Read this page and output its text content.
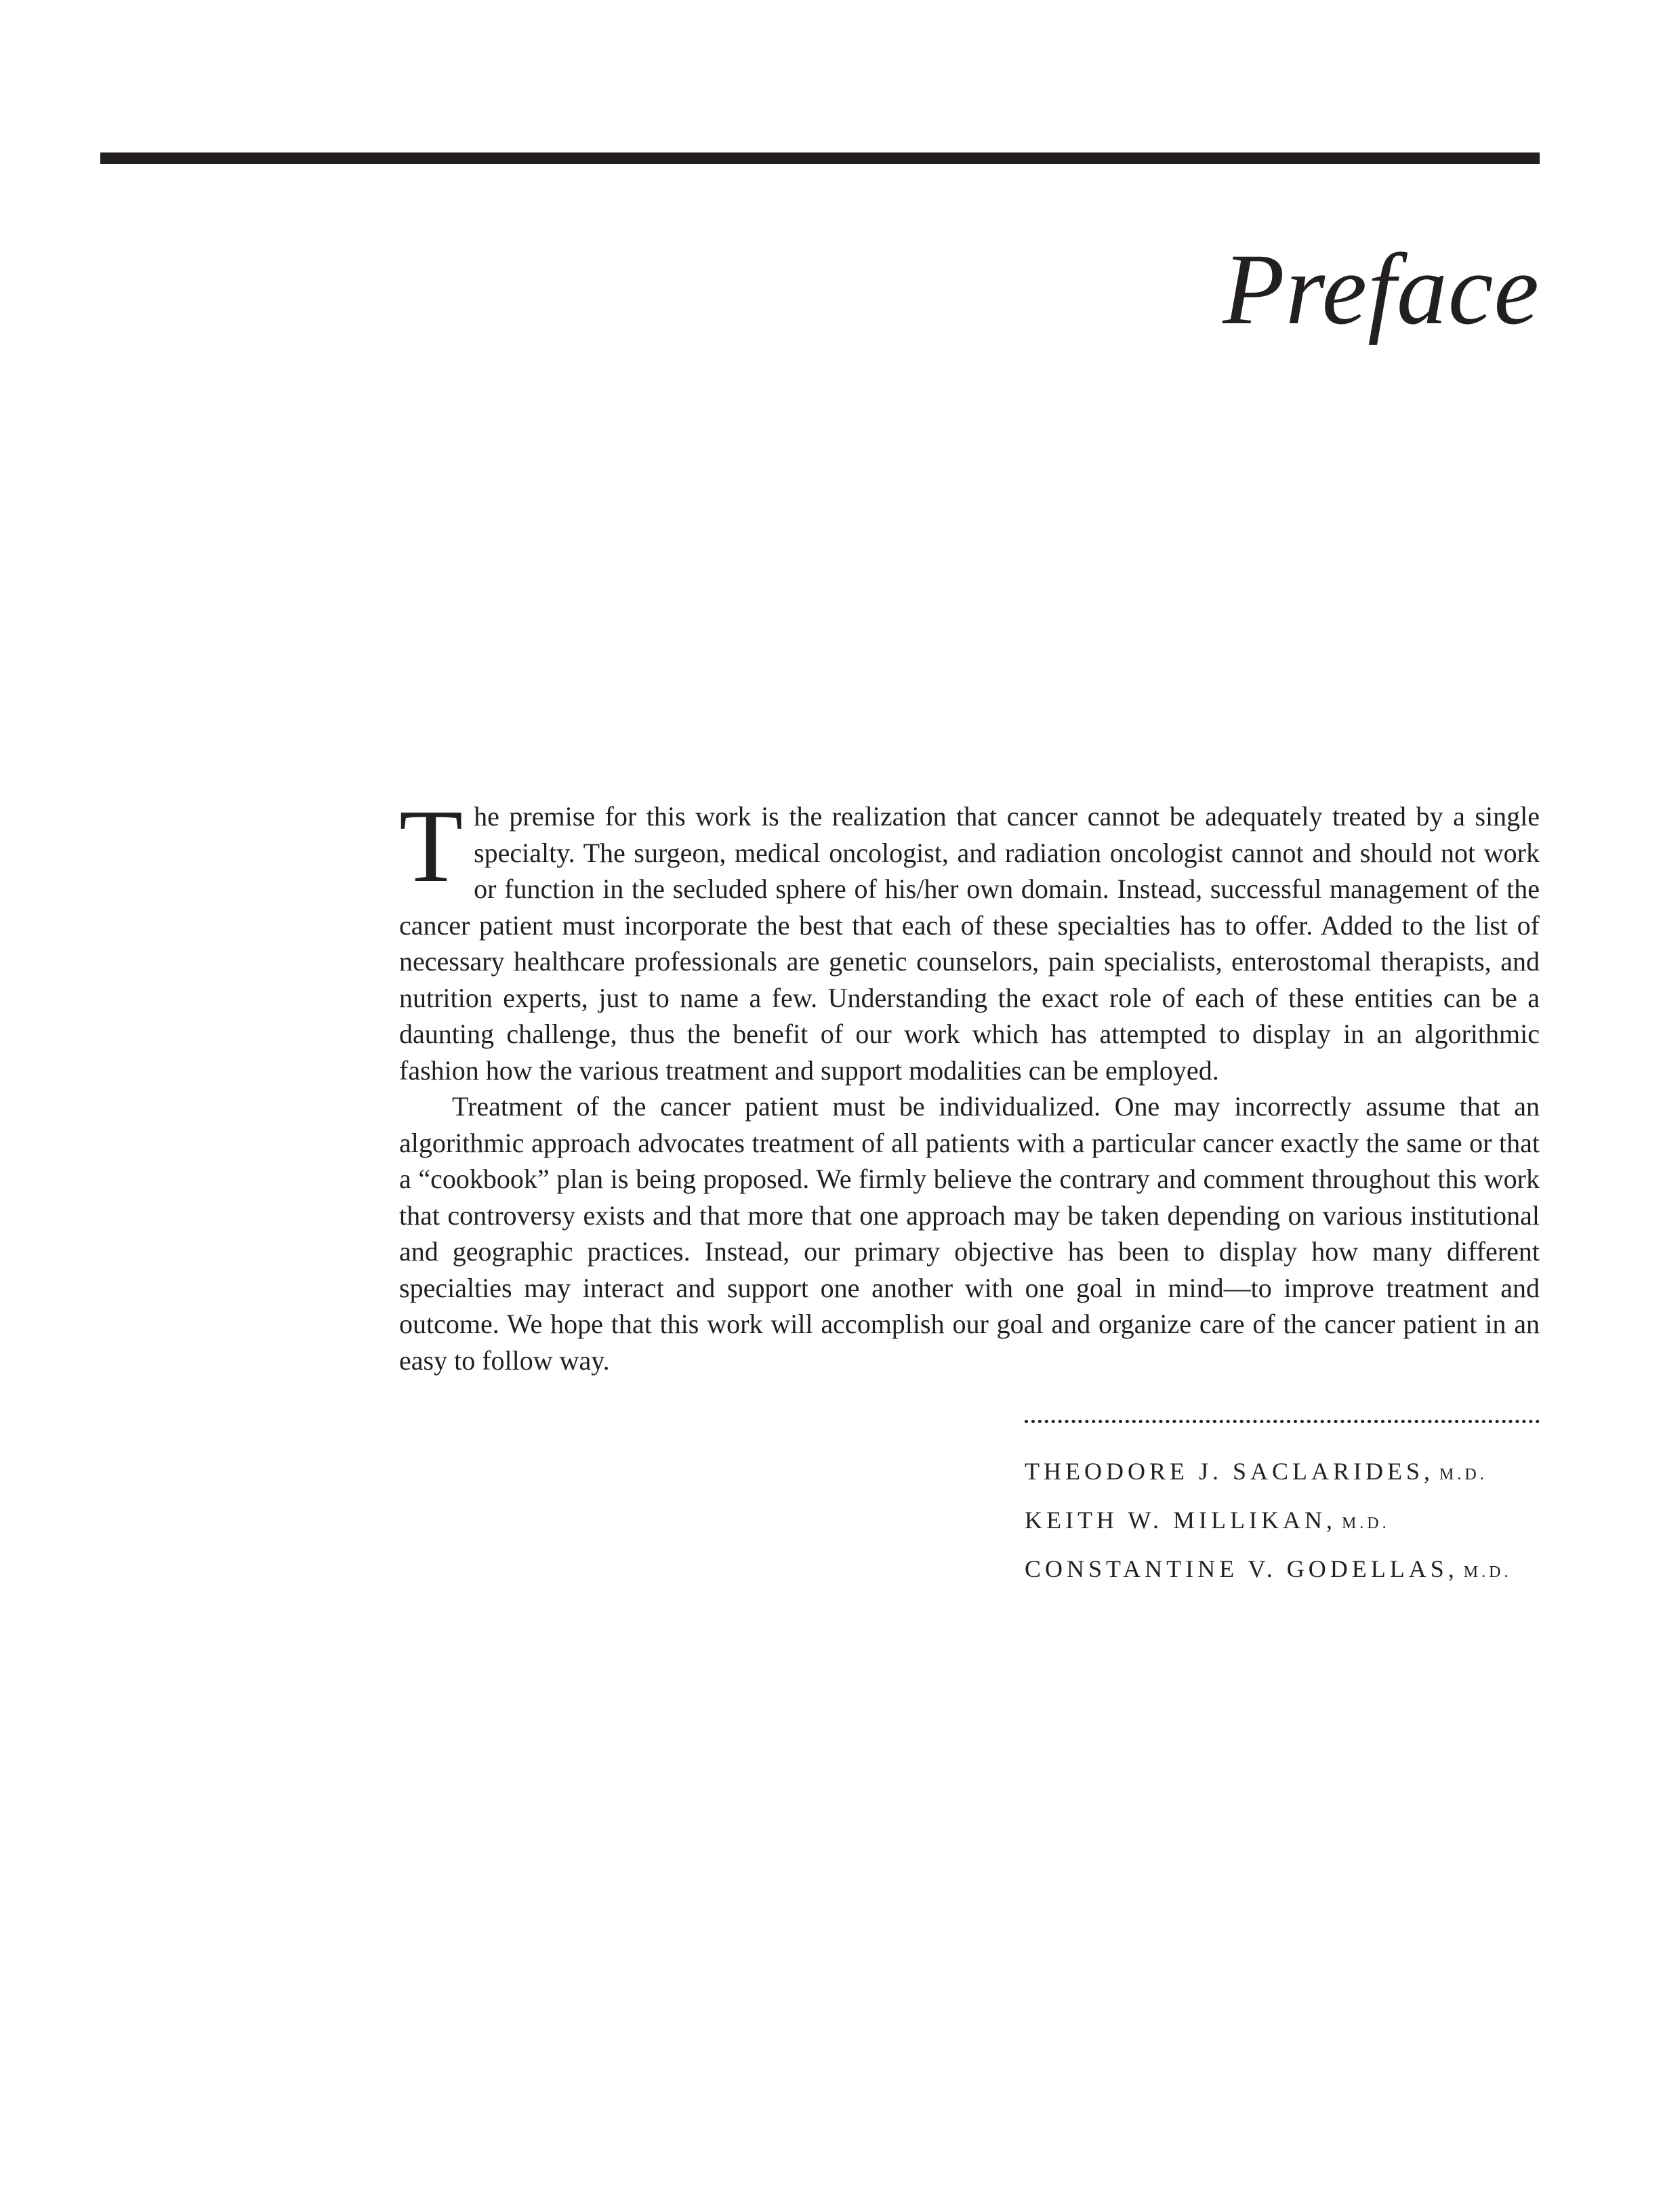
Preface

The premise for this work is the realization that cancer cannot be adequately treated by a single specialty. The surgeon, medical oncologist, and radiation oncologist cannot and should not work or function in the secluded sphere of his/her own domain. Instead, successful management of the cancer patient must incorporate the best that each of these specialties has to offer. Added to the list of necessary healthcare professionals are genetic counselors, pain specialists, enterostomal therapists, and nutrition experts, just to name a few. Understanding the exact role of each of these entities can be a daunting challenge, thus the benefit of our work which has attempted to display in an algorithmic fashion how the various treatment and support modalities can be employed.

Treatment of the cancer patient must be individualized. One may incorrectly assume that an algorithmic approach advocates treatment of all patients with a particular cancer exactly the same or that a “cookbook” plan is being proposed. We firmly believe the contrary and comment throughout this work that controversy exists and that more that one approach may be taken depending on various institutional and geographic practices. Instead, our primary objective has been to display how many different specialties may interact and support one another with one goal in mind—to improve treatment and outcome. We hope that this work will accomplish our goal and organize care of the cancer patient in an easy to follow way.

THEODORE J. SACLARIDES, M.D.
KEITH W. MILLIKAN, M.D.
CONSTANTINE V. GODELLAS, M.D.
